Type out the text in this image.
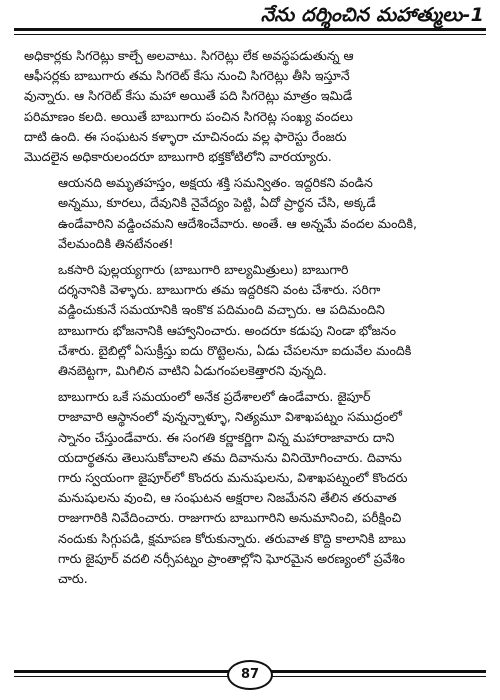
నేను దర్శించిన మహాత్ములు-1

అధికార్లకు సిగరెట్లు కాల్చే అలవాటు. సిగరెట్లు లేక అవస్థపడుతున్న ఆ
ఆఫీసర్లకు బాబుగారు తమ సిగరెట్ కేసు నుంచి సిగరెట్లు తీసి ఇస్తూనే
వున్నారు. ఆ సిగరెట్ కేసు మహా అయితే పది సిగరెట్లు మాత్రం ఇమిడే
పరిమాణం కలది. అయితే బాబుగారు పంచిన సిగరెట్ల సంఖ్య వందలు
దాటి ఉంది. ఈ సంఘటన కళ్ళారా చూచినందు వల్ల ఫారెస్టు రేంజరు
మొదలైన అధికారులందరూ బాబుగారి భక్తకోటిలోని వారయ్యారు.

ఆయనది అమృతహస్తం, అక్షయ శక్తి సమన్వితం. ఇద్దరికని వండిన
అన్నము, కూరలు, దేవునికి నైవేద్యం పెట్టి, ఏదో ప్రార్థన చేసి, అక్కడే
ఉండేవారిని వడ్డించమని ఆదేశించేవారు. అంతే. ఆ అన్నమే వందల మందికి,
వేలమందికి తినటేనంత!

ఒకసారి పుల్లయ్యగారు (బాబుగారి బాల్యమిత్రులు) బాబుగారి
దర్శనానికి వెళ్ళారు. బాబుగారు తమ ఇద్దరికని వంట చేశారు. సరిగా
వడ్డించుకునే సమయానికి ఇంకొక పదిమంది వచ్చారు. ఆ పదిమందిని
బాబుగారు భోజనానికి ఆహ్వానించారు. అందరూ కడుపు నిండా భోజనం
చేశారు. బైబిల్లో ఏసుక్రీస్తు ఐదు రొట్టెలను, ఏడు చేపలనూ ఐదువేల మందికి
తినబెట్టగా, మిగిలిన వాటిని ఏడుగంపలకెత్తారని వున్నది.

బాబుగారు ఒకే సమయంలో అనేక ప్రదేశాలలో ఉండేవారు. జైపూర్
రాజావారి ఆస్థానంలో వున్నన్నాళ్ళూ, నిత్యమూ విశాఖపట్నం సముద్రంలో
స్నానం చేస్తుండేవారు. ఈ సంగతి కర్ణాకర్ణిగా విన్న మహారాజావారు దాని
యదార్థతను తెలుసుకోవాలని తమ దివానును వినియోగించారు. దివాను
గారు స్వయంగా జైపూర్‌లో కొందరు మనుషులను, విశాఖపట్నంలో కొందరు
మనుషులను వుంచి, ఆ సంఘటన అక్షరాల నిజమేనని తేలిన తరువాత
రాజుగారికి నివేదించారు. రాజుగారు బాబుగారిని అనుమానించి, పరీక్షించి
నందుకు సిగ్గుపడి, క్షమాపణ కోరుకున్నారు. తరువాత కొద్ది కాలానికి బాబు
గారు జైపూర్ వదలి నర్సీపట్నం ప్రాంతాల్లోని ఘోరమైన అరణ్యంలో ప్రవేశిం
చారు.

87
